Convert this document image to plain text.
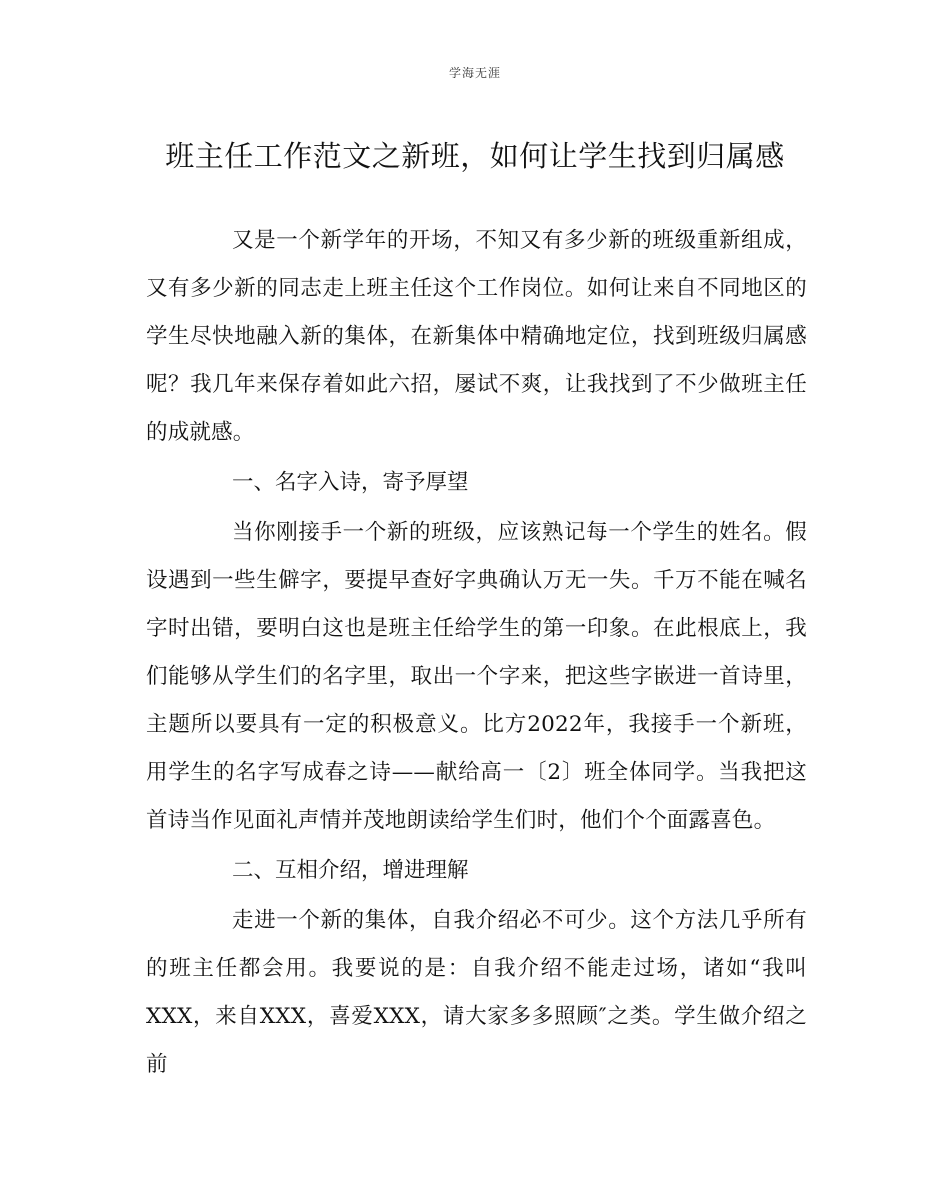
学海无涯
班主任工作范文之新班，如何让学生找到归属感

又是一个新学年的开场，不知又有多少新的班级重新组成，又有多少新的同志走上班主任这个工作岗位。如何让来自不同地区的学生尽快地融入新的集体，在新集体中精确地定位，找到班级归属感呢？我几年来保存着如此六招，屡试不爽，让我找到了不少做班主任的成就感。

一、名字入诗，寄予厚望

当你刚接手一个新的班级，应该熟记每一个学生的姓名。假设遇到一些生僻字，要提早查好字典确认万无一失。千万不能在喊名字时出错，要明白这也是班主任给学生的第一印象。在此根底上，我们能够从学生们的名字里，取出一个字来，把这些字嵌进一首诗里，主题所以要具有一定的积极意义。比方2022年，我接手一个新班，用学生的名字写成春之诗——献给高一〔2〕班全体同学。当我把这首诗当作见面礼声情并茂地朗读给学生们时，他们个个面露喜色。

二、互相介绍，增进理解

走进一个新的集体，自我介绍必不可少。这个方法几乎所有的班主任都会用。我要说的是：自我介绍不能走过场，诸如“我叫XXX，来自XXX，喜爱XXX，请大家多多照顾″之类。学生做介绍之前
